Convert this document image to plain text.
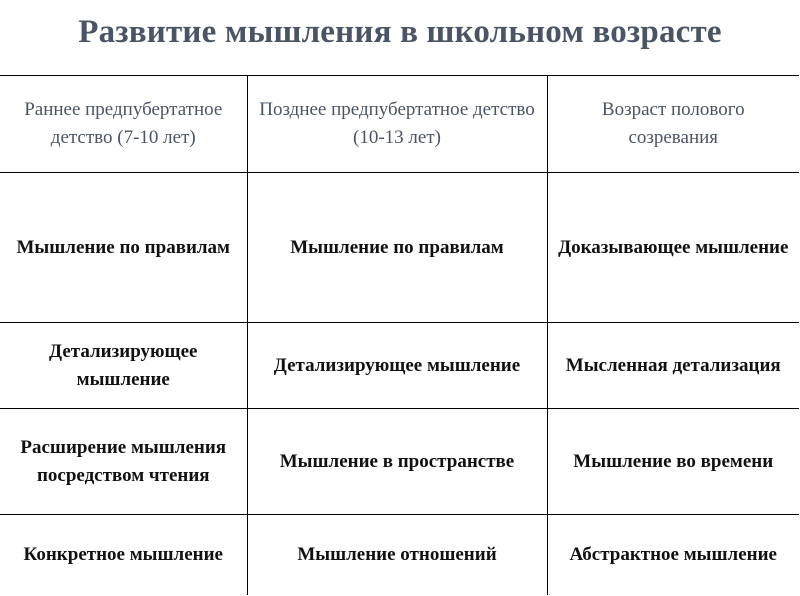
Развитие мышления в школьном возрасте
Раннее предпубертатное детство (7-10 лет)	Позднее предпубертатное детство (10-13 лет)	Возраст полового созревания
Мышление по правилам	Мышление по правилам	Доказывающее мышление
Детализирующее мышление	Детализирующее мышление	Мысленная детализация
Расширение мышления посредством чтения	Мышление в пространстве	Мышление во времени
Конкретное мышление	Мышление отношений	Абстрактное мышление
